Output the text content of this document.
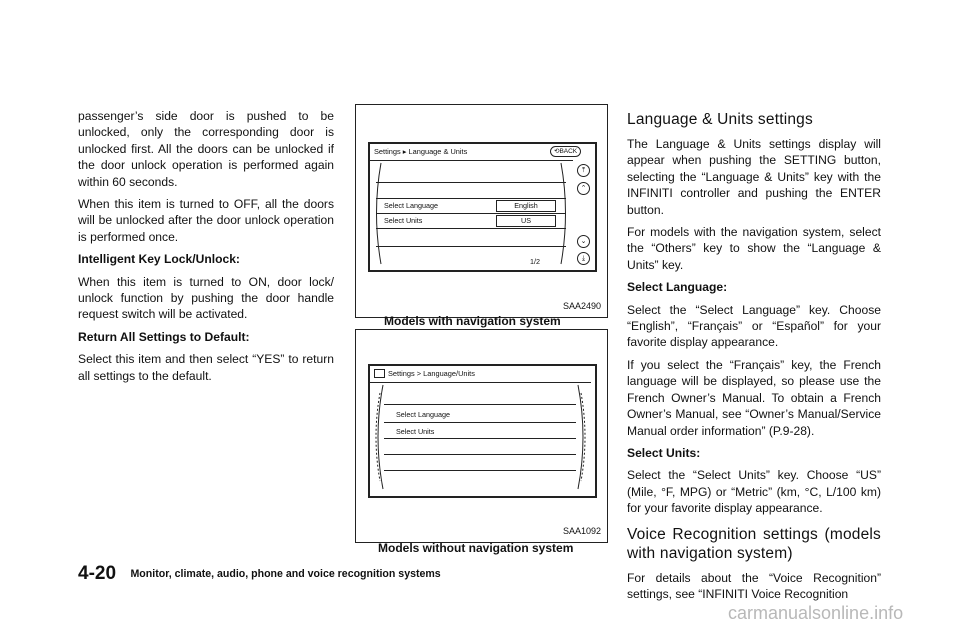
passenger’s side door is pushed to be unlocked, only the corresponding door is unlocked first. All the doors can be unlocked if the door unlock operation is performed again within 60 seconds.

When this item is turned to OFF, all the doors will be unlocked after the door unlock operation is performed once.

Intelligent Key Lock/Unlock:

When this item is turned to ON, door lock/ unlock function by pushing the door handle request switch will be activated.

Return All Settings to Default:

Select this item and then select “YES” to return all settings to the default.

Settings ▸ Language & Units	⟲BACK
Select Language	English
Select Units	US
1/2
⤒
⌃
⌄
⤓
SAA2490
Models with navigation system
Settings > Language/Units
Select Language
Select Units
SAA1092
Models without navigation system
Language & Units settings

The Language & Units settings display will appear when pushing the SETTING button, selecting the “Language & Units” key with the INFINITI controller and pushing the ENTER button.

For models with the navigation system, select the “Others” key to show the “Language & Units” key.

Select Language:

Select the “Select Language” key. Choose “English”, “Français” or “Español” for your favorite display appearance.

If you select the “Français” key, the French language will be displayed, so please use the French Owner’s Manual. To obtain a French Owner’s Manual, see “Owner’s Manual/Service Manual order information” (P.9-28).

Select Units:

Select the “Select Units” key. Choose “US” (Mile, °F, MPG) or “Metric” (km, °C, L/100 km) for your favorite display appearance.

Voice Recognition settings (models with navigation system)

For details about the “Voice Recognition” settings, see “INFINITI Voice Recognition

4-20 Monitor, climate, audio, phone and voice recognition systems
carmanualsonline.info
